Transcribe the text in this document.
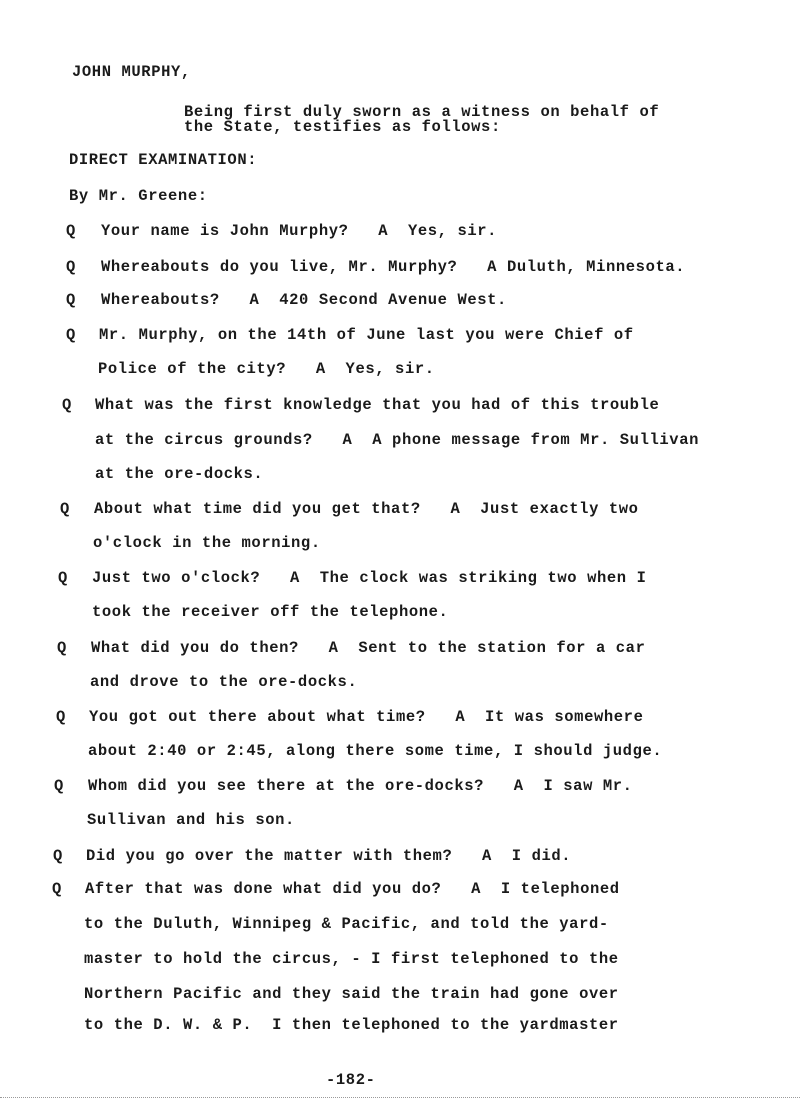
JOHN MURPHY,
Being first duly sworn as a witness on behalf of
the State, testifies as follows:
DIRECT EXAMINATION:
By Mr. Greene:
Q Your name is John Murphy?   A  Yes, sir.
Q Whereabouts do you live, Mr. Murphy?   A Duluth, Minnesota.
Q Whereabouts?   A  420 Second Avenue West.
Q Mr. Murphy, on the 14th of June last you were Chief of
Police of the city?   A  Yes, sir.
Q What was the first knowledge that you had of this trouble
at the circus grounds?   A  A phone message from Mr. Sullivan
at the ore-docks.
Q About what time did you get that?   A  Just exactly two
o'clock in the morning.
Q Just two o'clock?   A  The clock was striking two when I
took the receiver off the telephone.
Q What did you do then?   A  Sent to the station for a car
and drove to the ore-docks.
Q You got out there about what time?   A  It was somewhere
about 2:40 or 2:45, along there some time, I should judge.
Q Whom did you see there at the ore-docks?   A  I saw Mr.
Sullivan and his son.
Q Did you go over the matter with them?   A  I did.
Q After that was done what did you do?   A  I telephoned
to the Duluth, Winnipeg & Pacific, and told the yard-
master to hold the circus, - I first telephoned to the
Northern Pacific and they said the train had gone over
to the D. W. & P.  I then telephoned to the yardmaster
-182-
